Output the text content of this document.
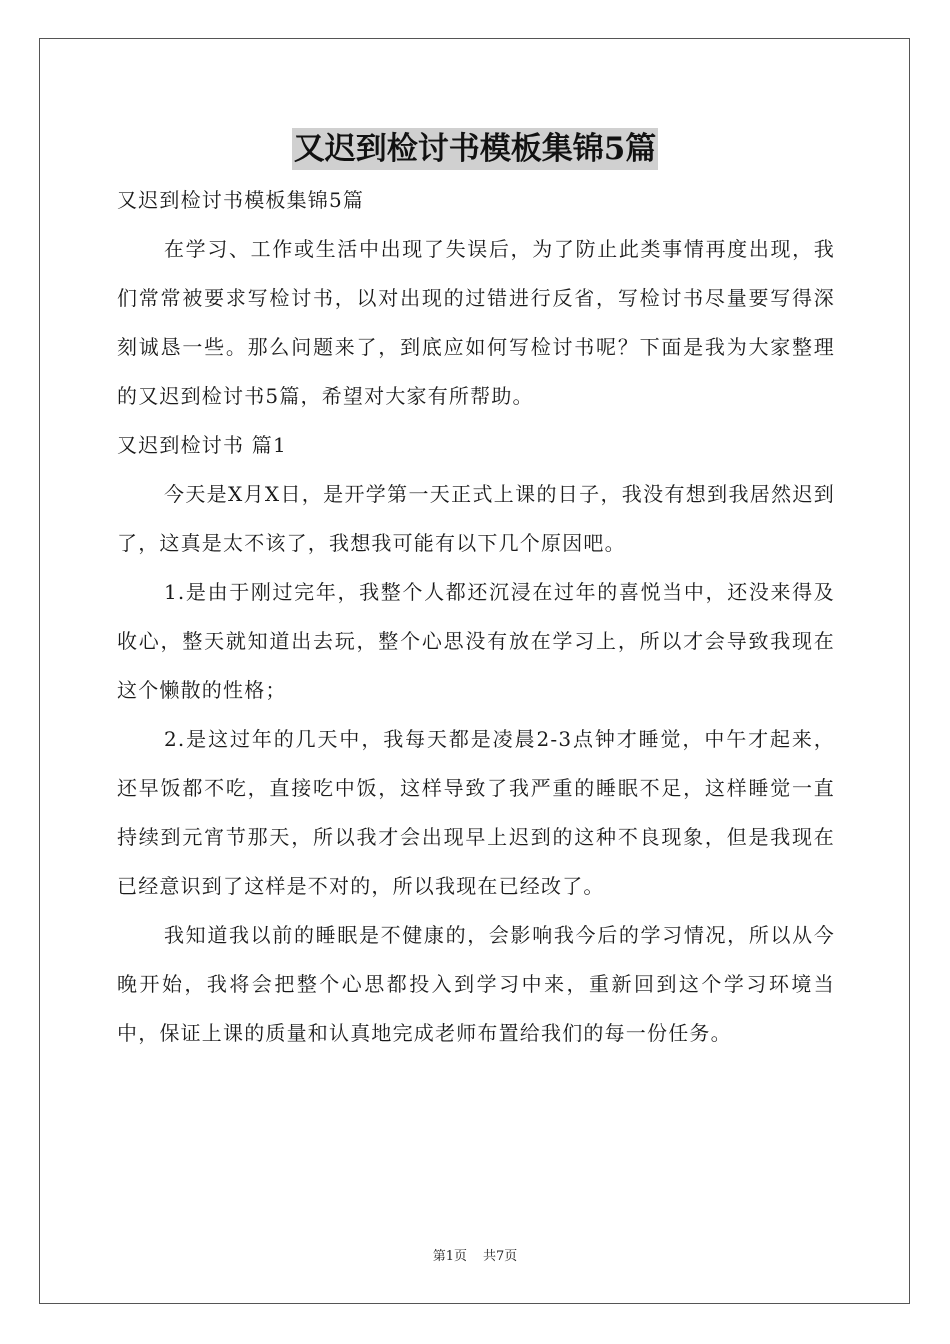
又迟到检讨书模板集锦5篇

又迟到检讨书模板集锦5篇

在学习、工作或生活中出现了失误后，为了防止此类事情再度出现，我们常常被要求写检讨书，以对出现的过错进行反省，写检讨书尽量要写得深刻诚恳一些。那么问题来了，到底应如何写检讨书呢？下面是我为大家整理的又迟到检讨书5篇，希望对大家有所帮助。

又迟到检讨书 篇1

今天是X月X日，是开学第一天正式上课的日子，我没有想到我居然迟到了，这真是太不该了，我想我可能有以下几个原因吧。

1.是由于刚过完年，我整个人都还沉浸在过年的喜悦当中，还没来得及收心，整天就知道出去玩，整个心思没有放在学习上，所以才会导致我现在这个懒散的性格；

2.是这过年的几天中，我每天都是凌晨2-3点钟才睡觉，中午才起来，还早饭都不吃，直接吃中饭，这样导致了我严重的睡眠不足，这样睡觉一直持续到元宵节那天，所以我才会出现早上迟到的这种不良现象，但是我现在已经意识到了这样是不对的，所以我现在已经改了。

我知道我以前的睡眠是不健康的，会影响我今后的学习情况，所以从今晚开始，我将会把整个心思都投入到学习中来，重新回到这个学习环境当中，保证上课的质量和认真地完成老师布置给我们的每一份任务。

第1页 共7页
